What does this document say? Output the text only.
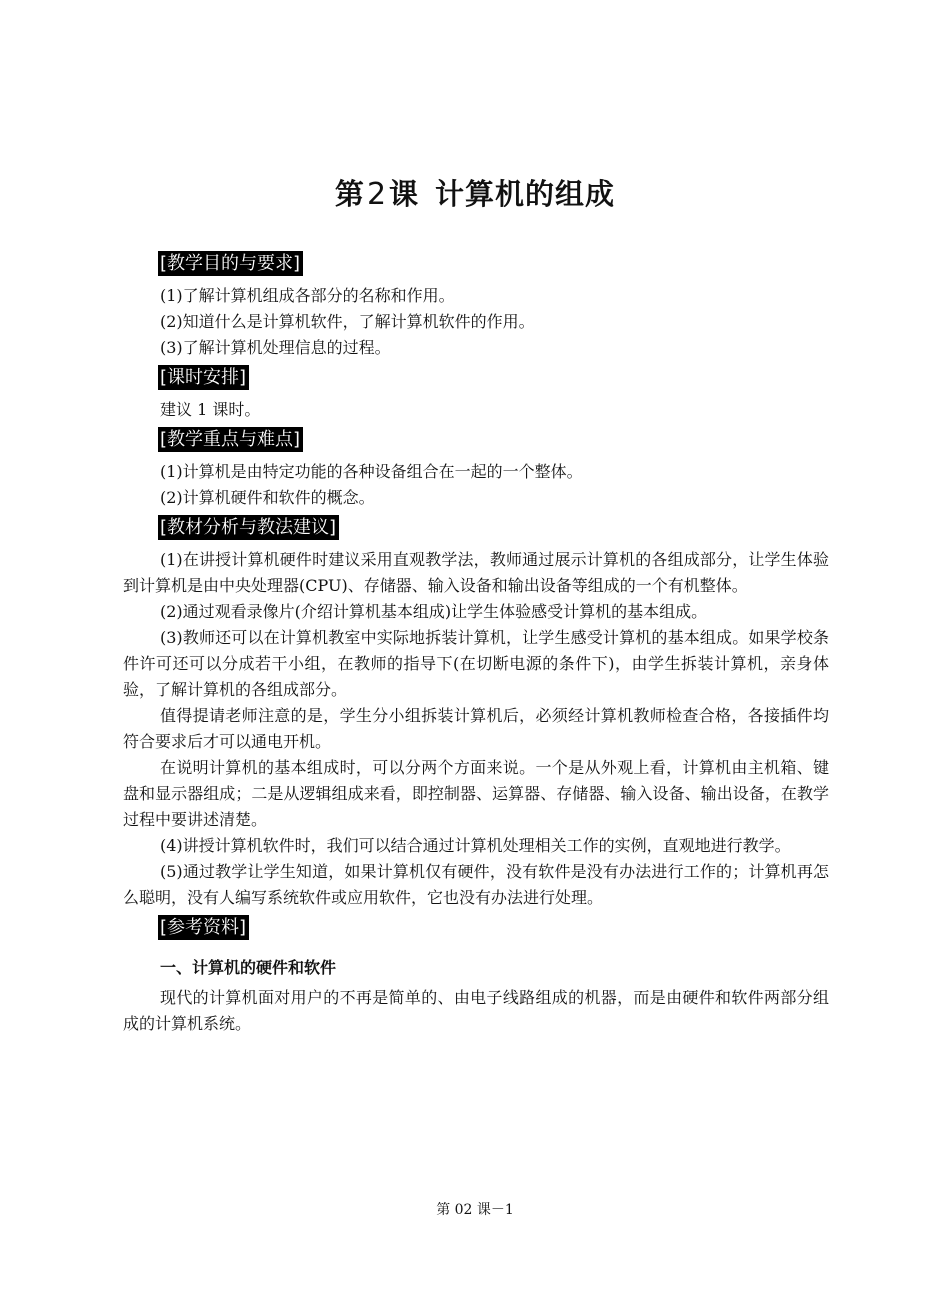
第2课 计算机的组成
[教学目的与要求]
(1)了解计算机组成各部分的名称和作用。
(2)知道什么是计算机软件，了解计算机软件的作用。
(3)了解计算机处理信息的过程。
[课时安排]
建议 1 课时。
[教学重点与难点]
(1)计算机是由特定功能的各种设备组合在一起的一个整体。
(2)计算机硬件和软件的概念。
[教材分析与教法建议]

(1)在讲授计算机硬件时建议采用直观教学法，教师通过展示计算机的各组成部分，让学生体验到计算机是由中央处理器(CPU)、存储器、输入设备和输出设备等组成的一个有机整体。

(2)通过观看录像片(介绍计算机基本组成)让学生体验感受计算机的基本组成。

(3)教师还可以在计算机教室中实际地拆装计算机，让学生感受计算机的基本组成。如果学校条件许可还可以分成若干小组，在教师的指导下(在切断电源的条件下)，由学生拆装计算机，亲身体验，了解计算机的各组成部分。

值得提请老师注意的是，学生分小组拆装计算机后，必须经计算机教师检查合格，各接插件均符合要求后才可以通电开机。

在说明计算机的基本组成时，可以分两个方面来说。一个是从外观上看，计算机由主机箱、键盘和显示器组成；二是从逻辑组成来看，即控制器、运算器、存储器、输入设备、输出设备，在教学过程中要讲述清楚。

(4)讲授计算机软件时，我们可以结合通过计算机处理相关工作的实例，直观地进行教学。

(5)通过教学让学生知道，如果计算机仅有硬件，没有软件是没有办法进行工作的；计算机再怎么聪明，没有人编写系统软件或应用软件，它也没有办法进行处理。

[参考资料]
一、计算机的硬件和软件

现代的计算机面对用户的不再是简单的、由电子线路组成的机器，而是由硬件和软件两部分组成的计算机系统。

第 02 课－1
